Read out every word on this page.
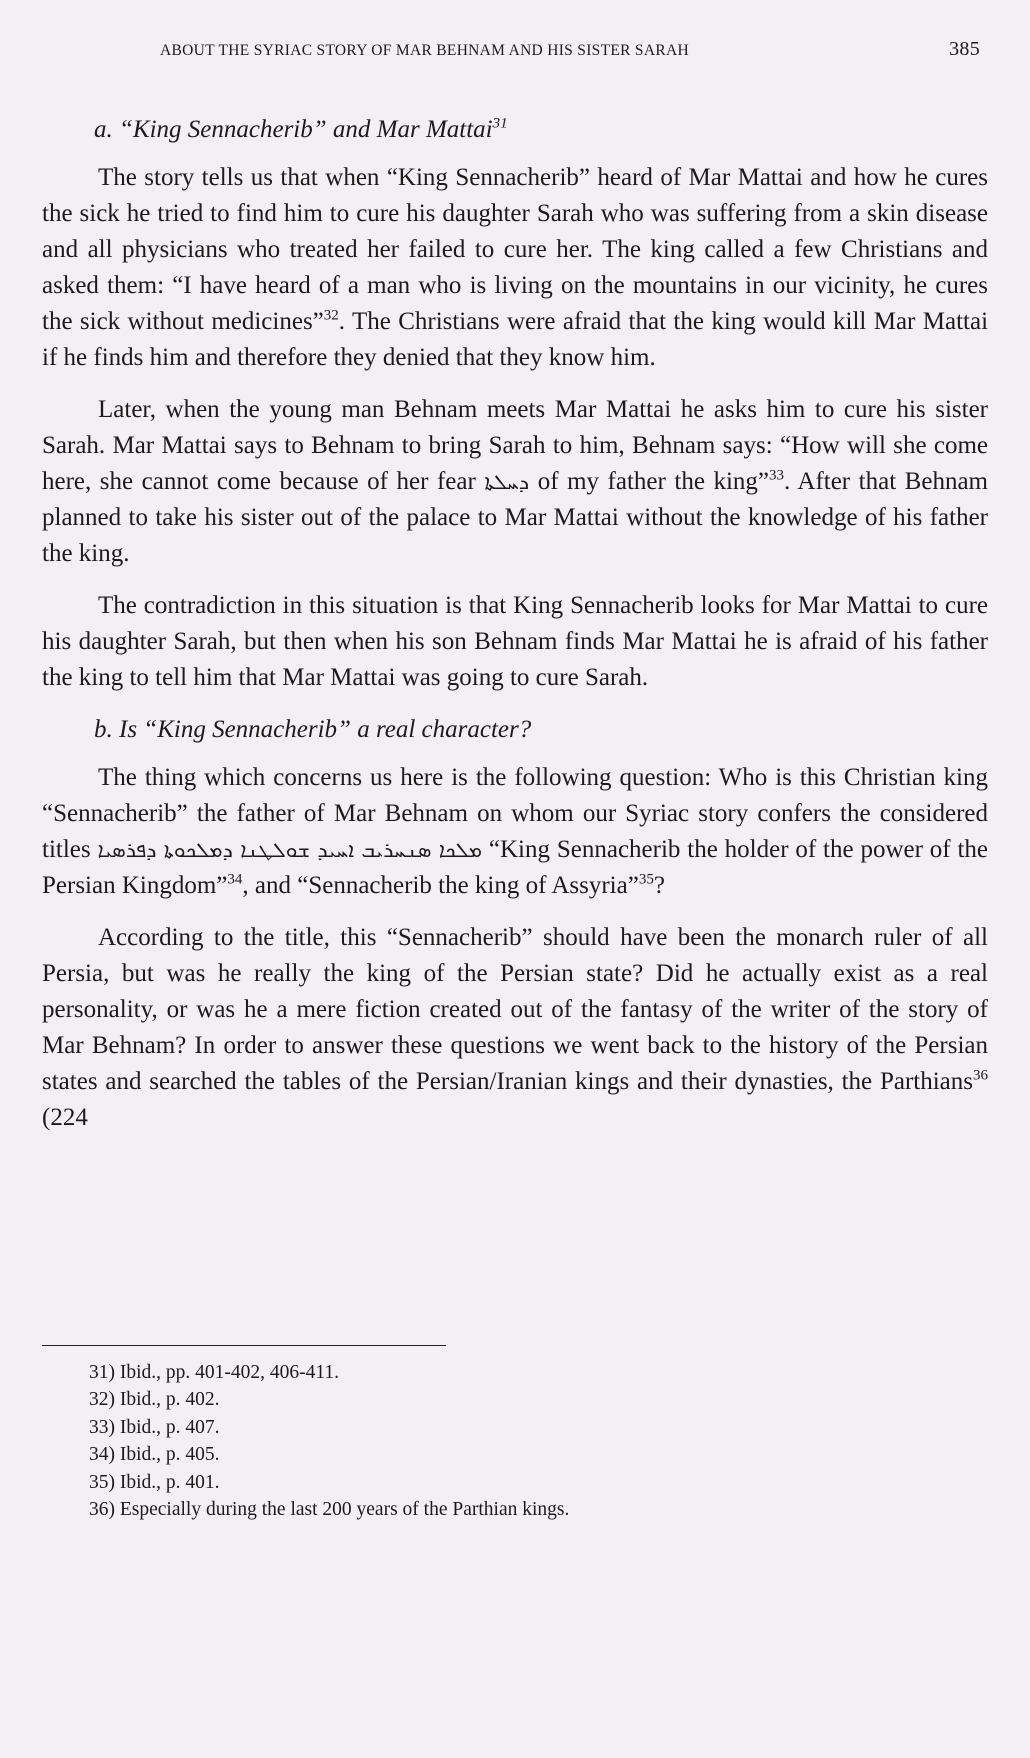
ABOUT THE SYRIAC STORY OF MAR BEHNAM AND HIS SISTER SARAH	385
a. “King Sennacherib” and Mar Mattai$^{31}$

The story tells us that when “King Sennacherib” heard of Mar Mattai and how he cures the sick he tried to find him to cure his daughter Sarah who was suffering from a skin disease and all physicians who treated her failed to cure her. The king called a few Christians and asked them: “I have heard of a man who is living on the mountains in our vicinity, he cures the sick without medicines”$^{32}$. The Christians were afraid that the king would kill Mar Mattai if he finds him and therefore they denied that they know him.

Later, when the young man Behnam meets Mar Mattai he asks him to cure his sister Sarah. Mar Mattai says to Behnam to bring Sarah to him, Behnam says: “How will she come here, she cannot come because of her fear ܕܚܠܬܐ of my father the king”$^{33}$. After that Behnam planned to take his sister out of the palace to Mar Mattai without the knowledge of his father the king.

The contradiction in this situation is that King Sennacherib looks for Mar Mattai to cure his daughter Sarah, but then when his son Behnam finds Mar Mattai he is afraid of his father the king to tell him that Mar Mattai was going to cure Sarah.

b. Is “King Sennacherib” a real character?

The thing which concerns us here is the following question: Who is this Christian king “Sennacherib” the father of Mar Behnam on whom our Syriac story confers the considered titles ܡܠܟܐ ܣܢܚܪܝܒ ܐܚܝܕ ܫܘܠܛܢܐ ܕܡܠܟܘܬܐ ܕܦܪܣܝܐ “King Sennacherib the holder of the power of the Persian Kingdom”$^{34}$, and “Sennacherib the king of Assyria”$^{35}$?

According to the title, this “Sennacherib” should have been the monarch ruler of all Persia, but was he really the king of the Persian state? Did he actually exist as a real personality, or was he a mere fiction created out of the fantasy of the writer of the story of Mar Behnam? In order to answer these questions we went back to the history of the Persian states and searched the tables of the Persian/Iranian kings and their dynasties, the Parthians$^{36}$ (224

31) Ibid., pp. 401-402, 406-411.
32) Ibid., p. 402.
33) Ibid., p. 407.
34) Ibid., p. 405.
35) Ibid., p. 401.
36) Especially during the last 200 years of the Parthian kings.
